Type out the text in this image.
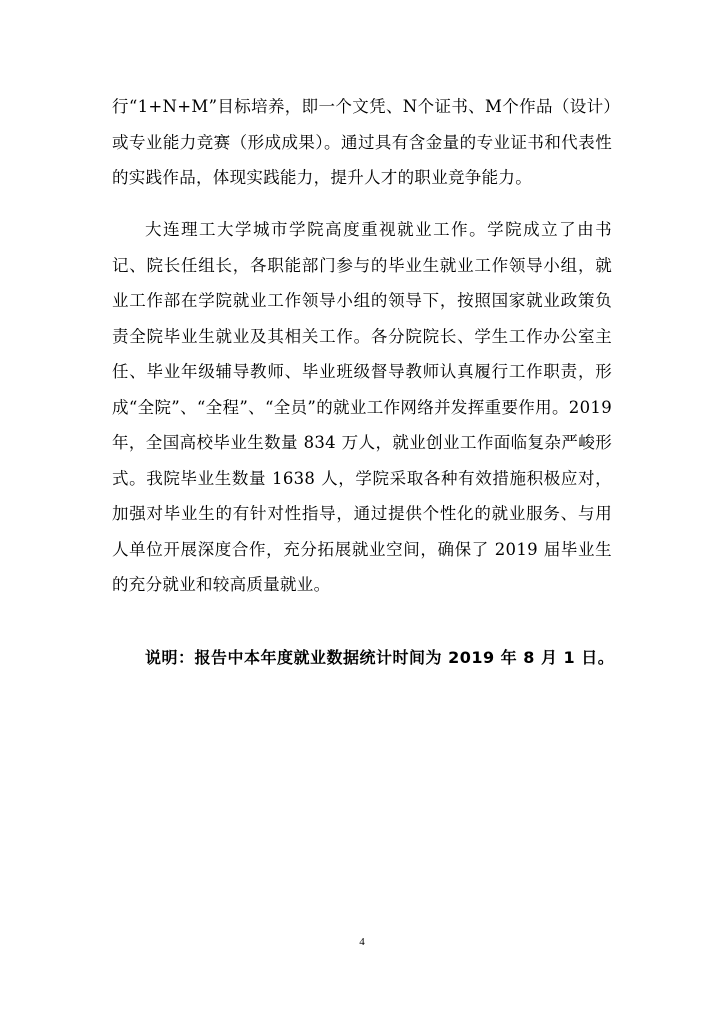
行“1+N+M”目标培养，即一个文凭、N个证书、M个作品（设计）或专业能力竞赛（形成成果）。通过具有含金量的专业证书和代表性的实践作品，体现实践能力，提升人才的职业竞争能力。

大连理工大学城市学院高度重视就业工作。学院成立了由书记、院长任组长，各职能部门参与的毕业生就业工作领导小组，就业工作部在学院就业工作领导小组的领导下，按照国家就业政策负责全院毕业生就业及其相关工作。各分院院长、学生工作办公室主任、毕业年级辅导教师、毕业班级督导教师认真履行工作职责，形成“全院”、“全程”、“全员”的就业工作网络并发挥重要作用。2019 年，全国高校毕业生数量 834 万人，就业创业工作面临复杂严峻形式。我院毕业生数量 1638 人，学院采取各种有效措施积极应对，加强对毕业生的有针对性指导，通过提供个性化的就业服务、与用人单位开展深度合作，充分拓展就业空间，确保了 2019 届毕业生的充分就业和较高质量就业。

说明：报告中本年度就业数据统计时间为 2019 年 8 月 1 日。

4
